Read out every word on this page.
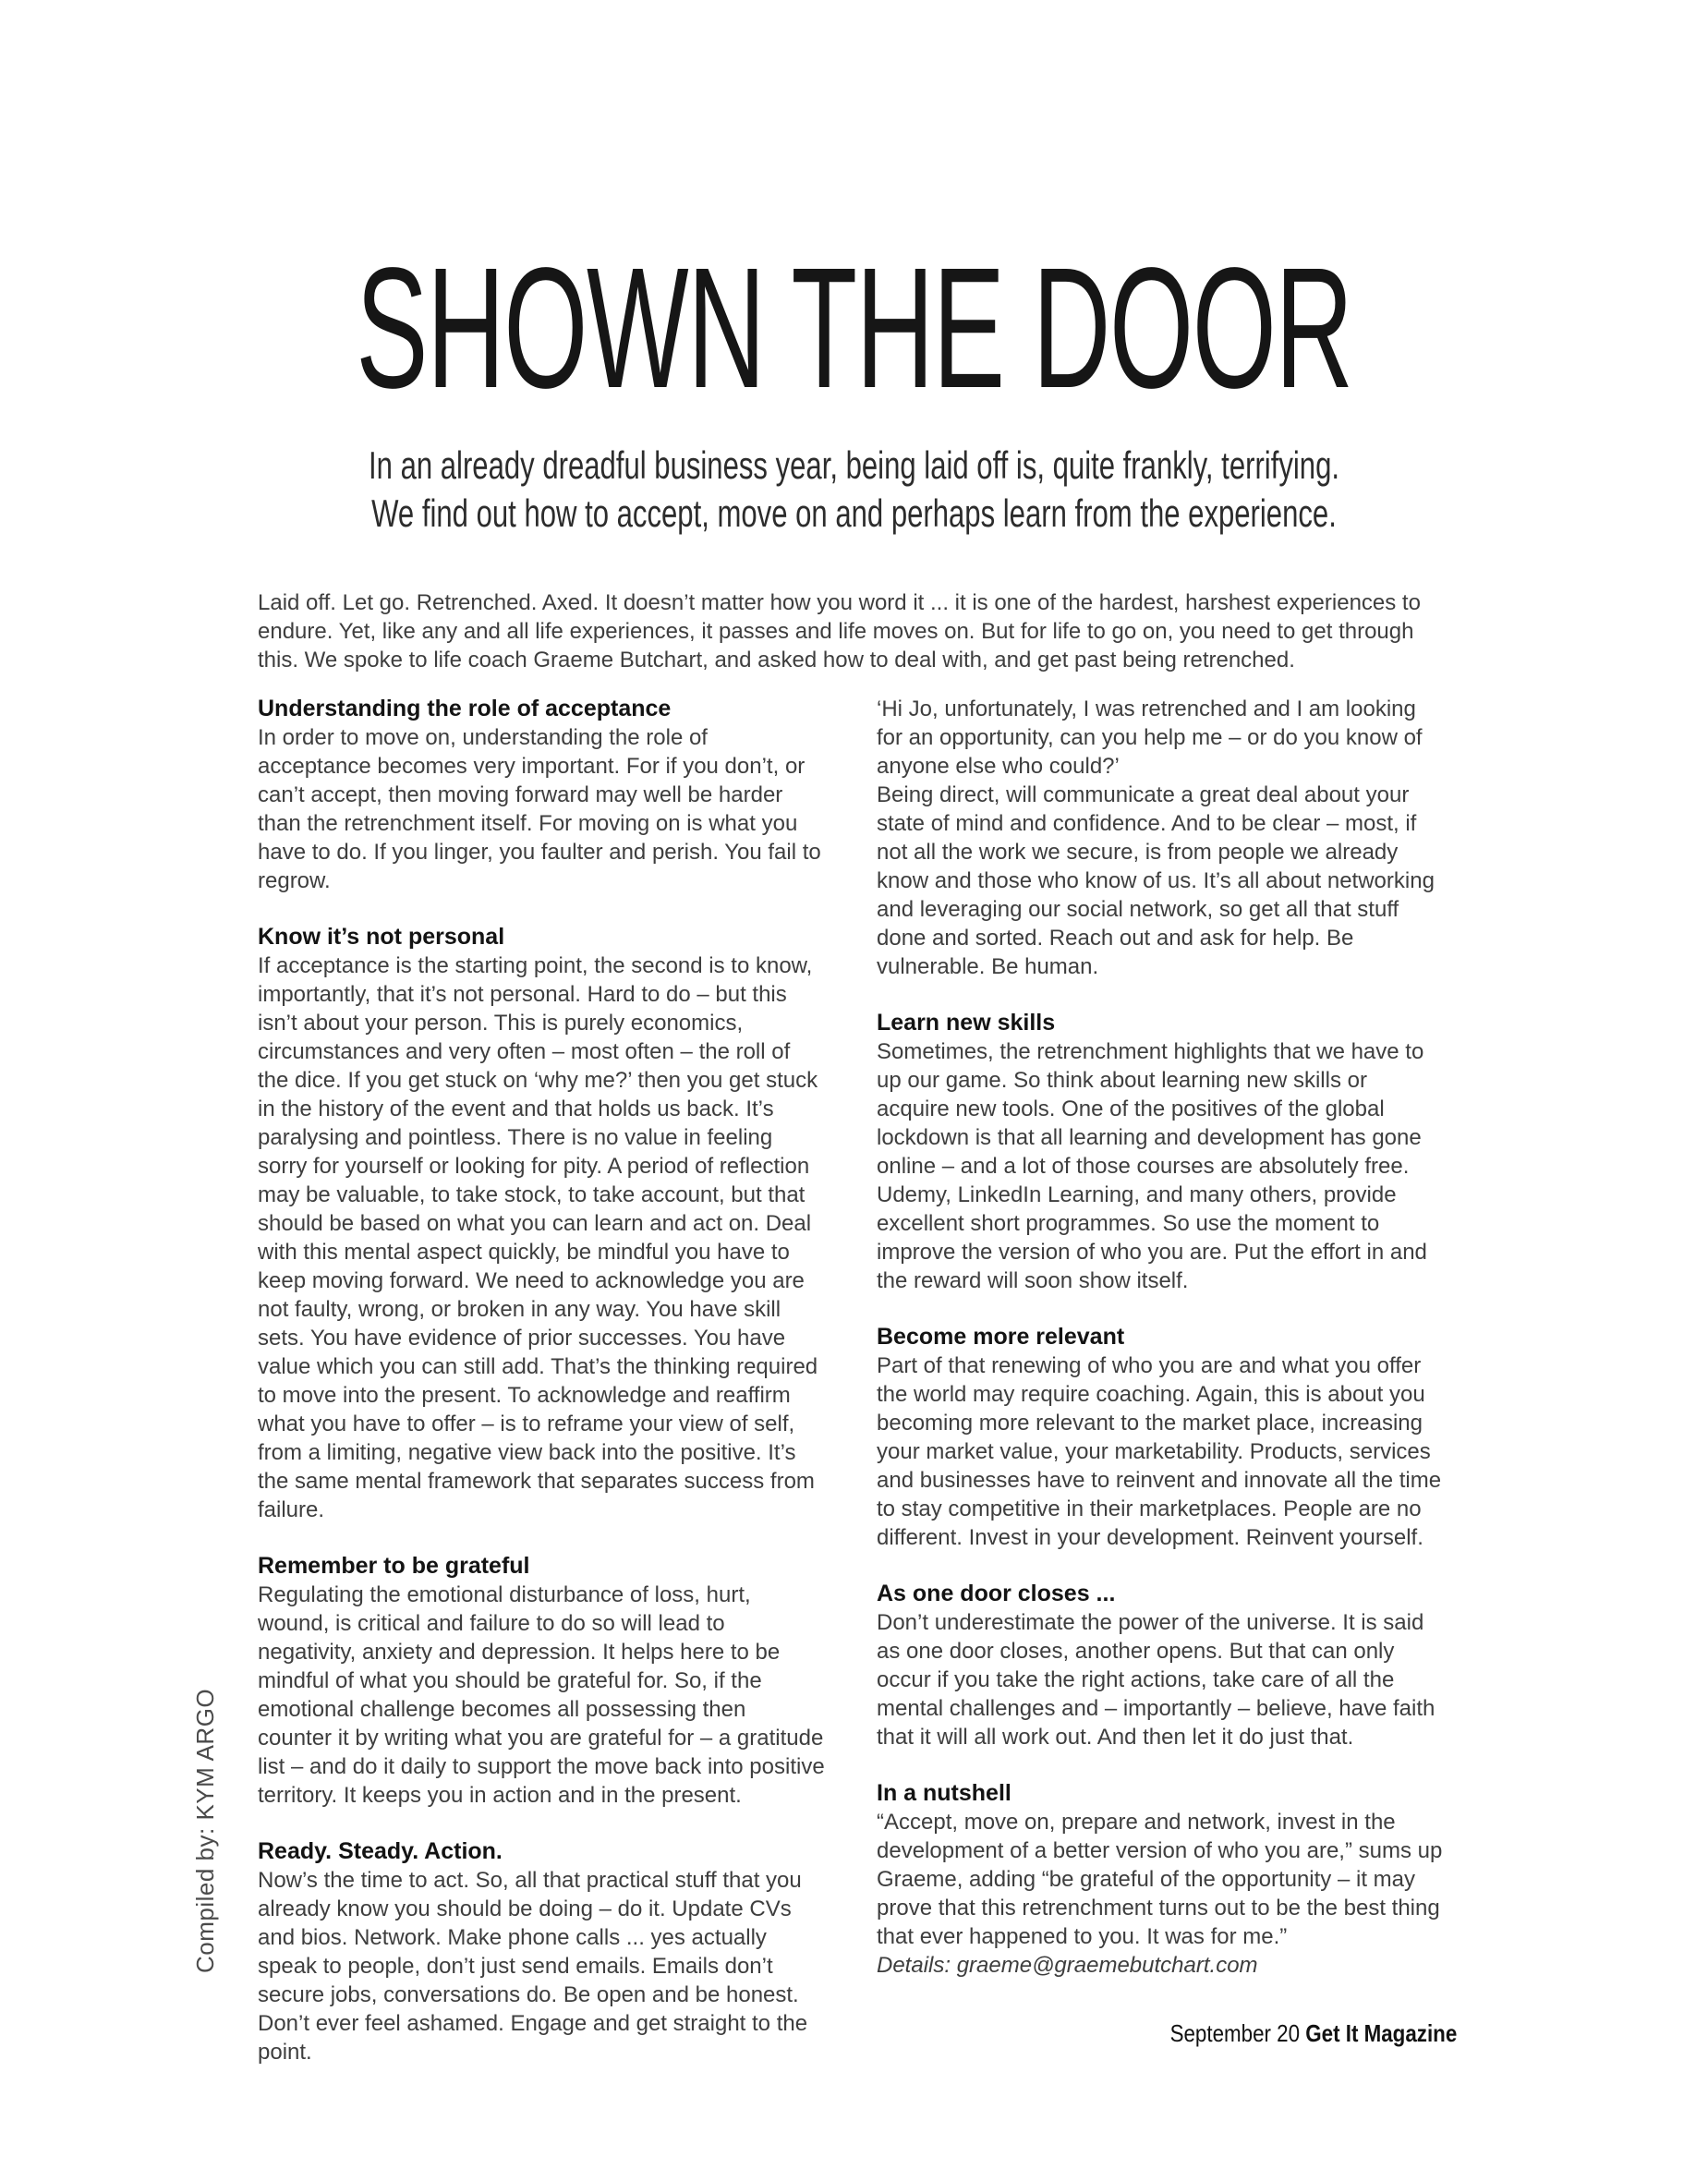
SHOWN THE DOOR
In an already dreadful business year, being laid off is, quite frankly, terrifying.
We find out how to accept, move on and perhaps learn from the experience.
Laid off. Let go. Retrenched. Axed. It doesn’t matter how you word it ... it is one of the hardest, harshest experiences to endure. Yet, like any and all life experiences, it passes and life moves on. But for life to go on, you need to get through this. We spoke to life coach Graeme Butchart, and asked how to deal with, and get past being retrenched.
Understanding the role of acceptance

In order to move on, understanding the role of acceptance becomes very important. For if you don’t, or can’t accept, then moving forward may well be harder than the retrenchment itself. For moving on is what you have to do. If you linger, you faulter and perish. You fail to regrow.

Know it’s not personal

If acceptance is the starting point, the second is to know, importantly, that it’s not personal. Hard to do – but this isn’t about your person. This is purely economics, circumstances and very often – most often – the roll of the dice. If you get stuck on ‘why me?’ then you get stuck in the history of the event and that holds us back. It’s paralysing and pointless. There is no value in feeling sorry for yourself or looking for pity. A period of reflection may be valuable, to take stock, to take account, but that should be based on what you can learn and act on. Deal with this mental aspect quickly, be mindful you have to keep moving forward. We need to acknowledge you are not faulty, wrong, or broken in any way. You have skill sets. You have evidence of prior successes. You have value which you can still add. That’s the thinking required to move into the present. To acknowledge and reaffirm what you have to offer – is to reframe your view of self, from a limiting, negative view back into the positive. It’s the same mental framework that separates success from failure.

Remember to be grateful

Regulating the emotional disturbance of loss, hurt, wound, is critical and failure to do so will lead to negativity, anxiety and depression. It helps here to be mindful of what you should be grateful for. So, if the emotional challenge becomes all possessing then counter it by writing what you are grateful for – a gratitude list – and do it daily to support the move back into positive territory. It keeps you in action and in the present.

Ready. Steady. Action.

Now’s the time to act. So, all that practical stuff that you already know you should be doing – do it. Update CVs and bios. Network. Make phone calls ... yes actually speak to people, don’t just send emails. Emails don’t secure jobs, conversations do. Be open and be honest. Don’t ever feel ashamed. Engage and get straight to the point.

‘Hi Jo, unfortunately, I was retrenched and I am looking for an opportunity, can you help me – or do you know of anyone else who could?’

Being direct, will communicate a great deal about your state of mind and confidence. And to be clear – most, if not all the work we secure, is from people we already know and those who know of us. It’s all about networking and leveraging our social network, so get all that stuff done and sorted. Reach out and ask for help. Be vulnerable. Be human.

Learn new skills

Sometimes, the retrenchment highlights that we have to up our game. So think about learning new skills or acquire new tools. One of the positives of the global lockdown is that all learning and development has gone online – and a lot of those courses are absolutely free. Udemy, LinkedIn Learning, and many others, provide excellent short programmes. So use the moment to improve the version of who you are. Put the effort in and the reward will soon show itself.

Become more relevant

Part of that renewing of who you are and what you offer the world may require coaching. Again, this is about you becoming more relevant to the market place, increasing your market value, your marketability. Products, services and businesses have to reinvent and innovate all the time to stay competitive in their marketplaces. People are no different. Invest in your development. Reinvent yourself.

As one door closes ...

Don’t underestimate the power of the universe. It is said as one door closes, another opens. But that can only occur if you take the right actions, take care of all the mental challenges and – importantly – believe, have faith that it will all work out. And then let it do just that.

In a nutshell

“Accept, move on, prepare and network, invest in the development of a better version of who you are,” sums up Graeme, adding “be grateful of the opportunity – it may prove that this retrenchment turns out to be the best thing that ever happened to you. It was for me.”

Details: graeme@graemebutchart.com

Compiled by: KYM ARGO
September 20 Get It Magazine
